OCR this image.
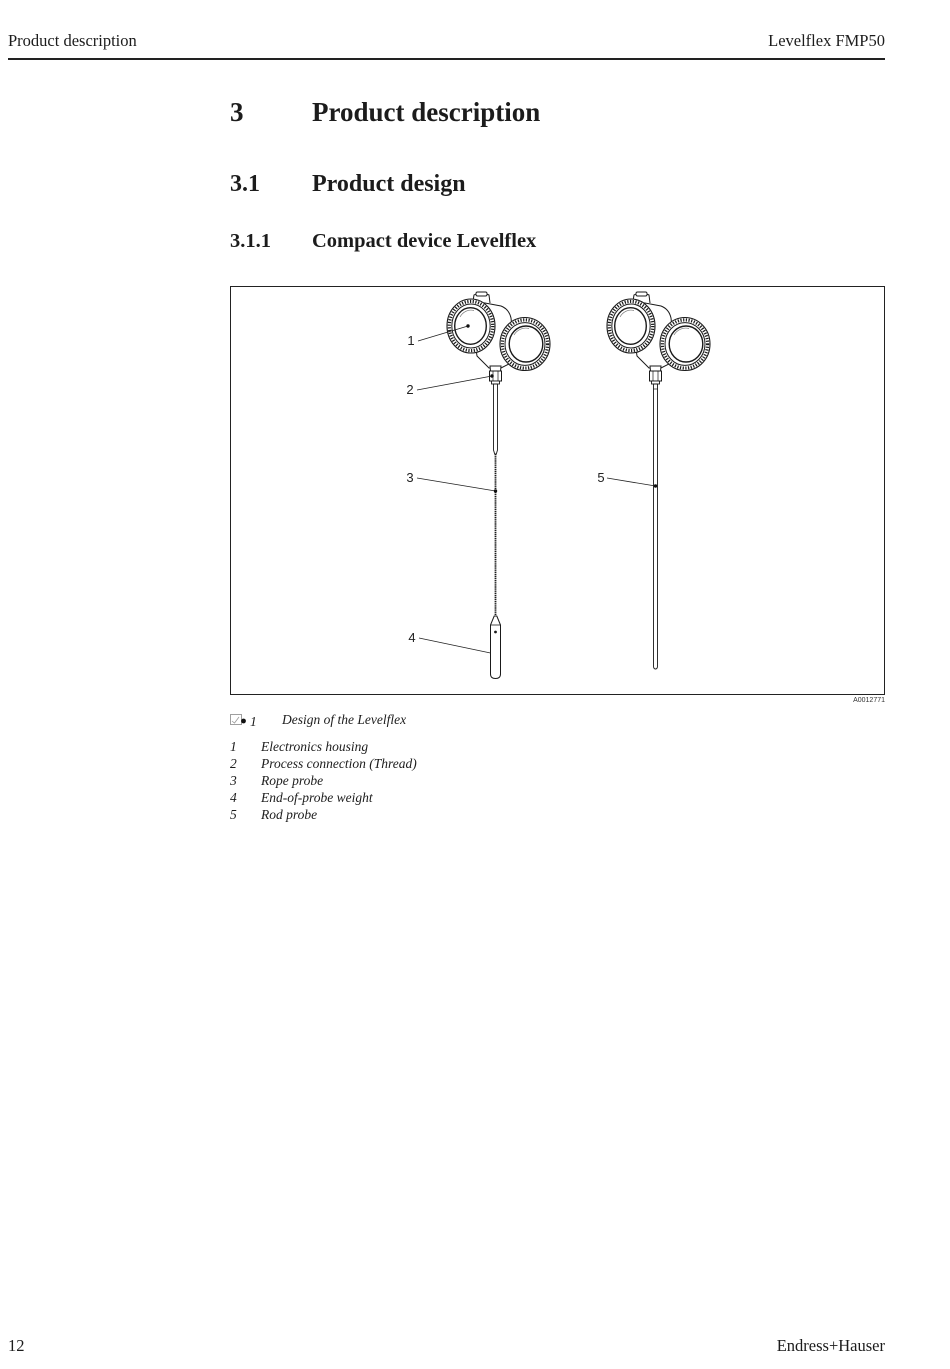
Product description	Levelflex FMP50
3	Product description
3.1 Product design
3.1.1 Compact device Levelflex
1
2
3
4
5
A0012771
1 Design of the Levelflex
1 Electronics housing
2 Process connection (Thread)
3 Rope probe
4 End-of-probe weight
5 Rod probe
12	Endress+Hauser
